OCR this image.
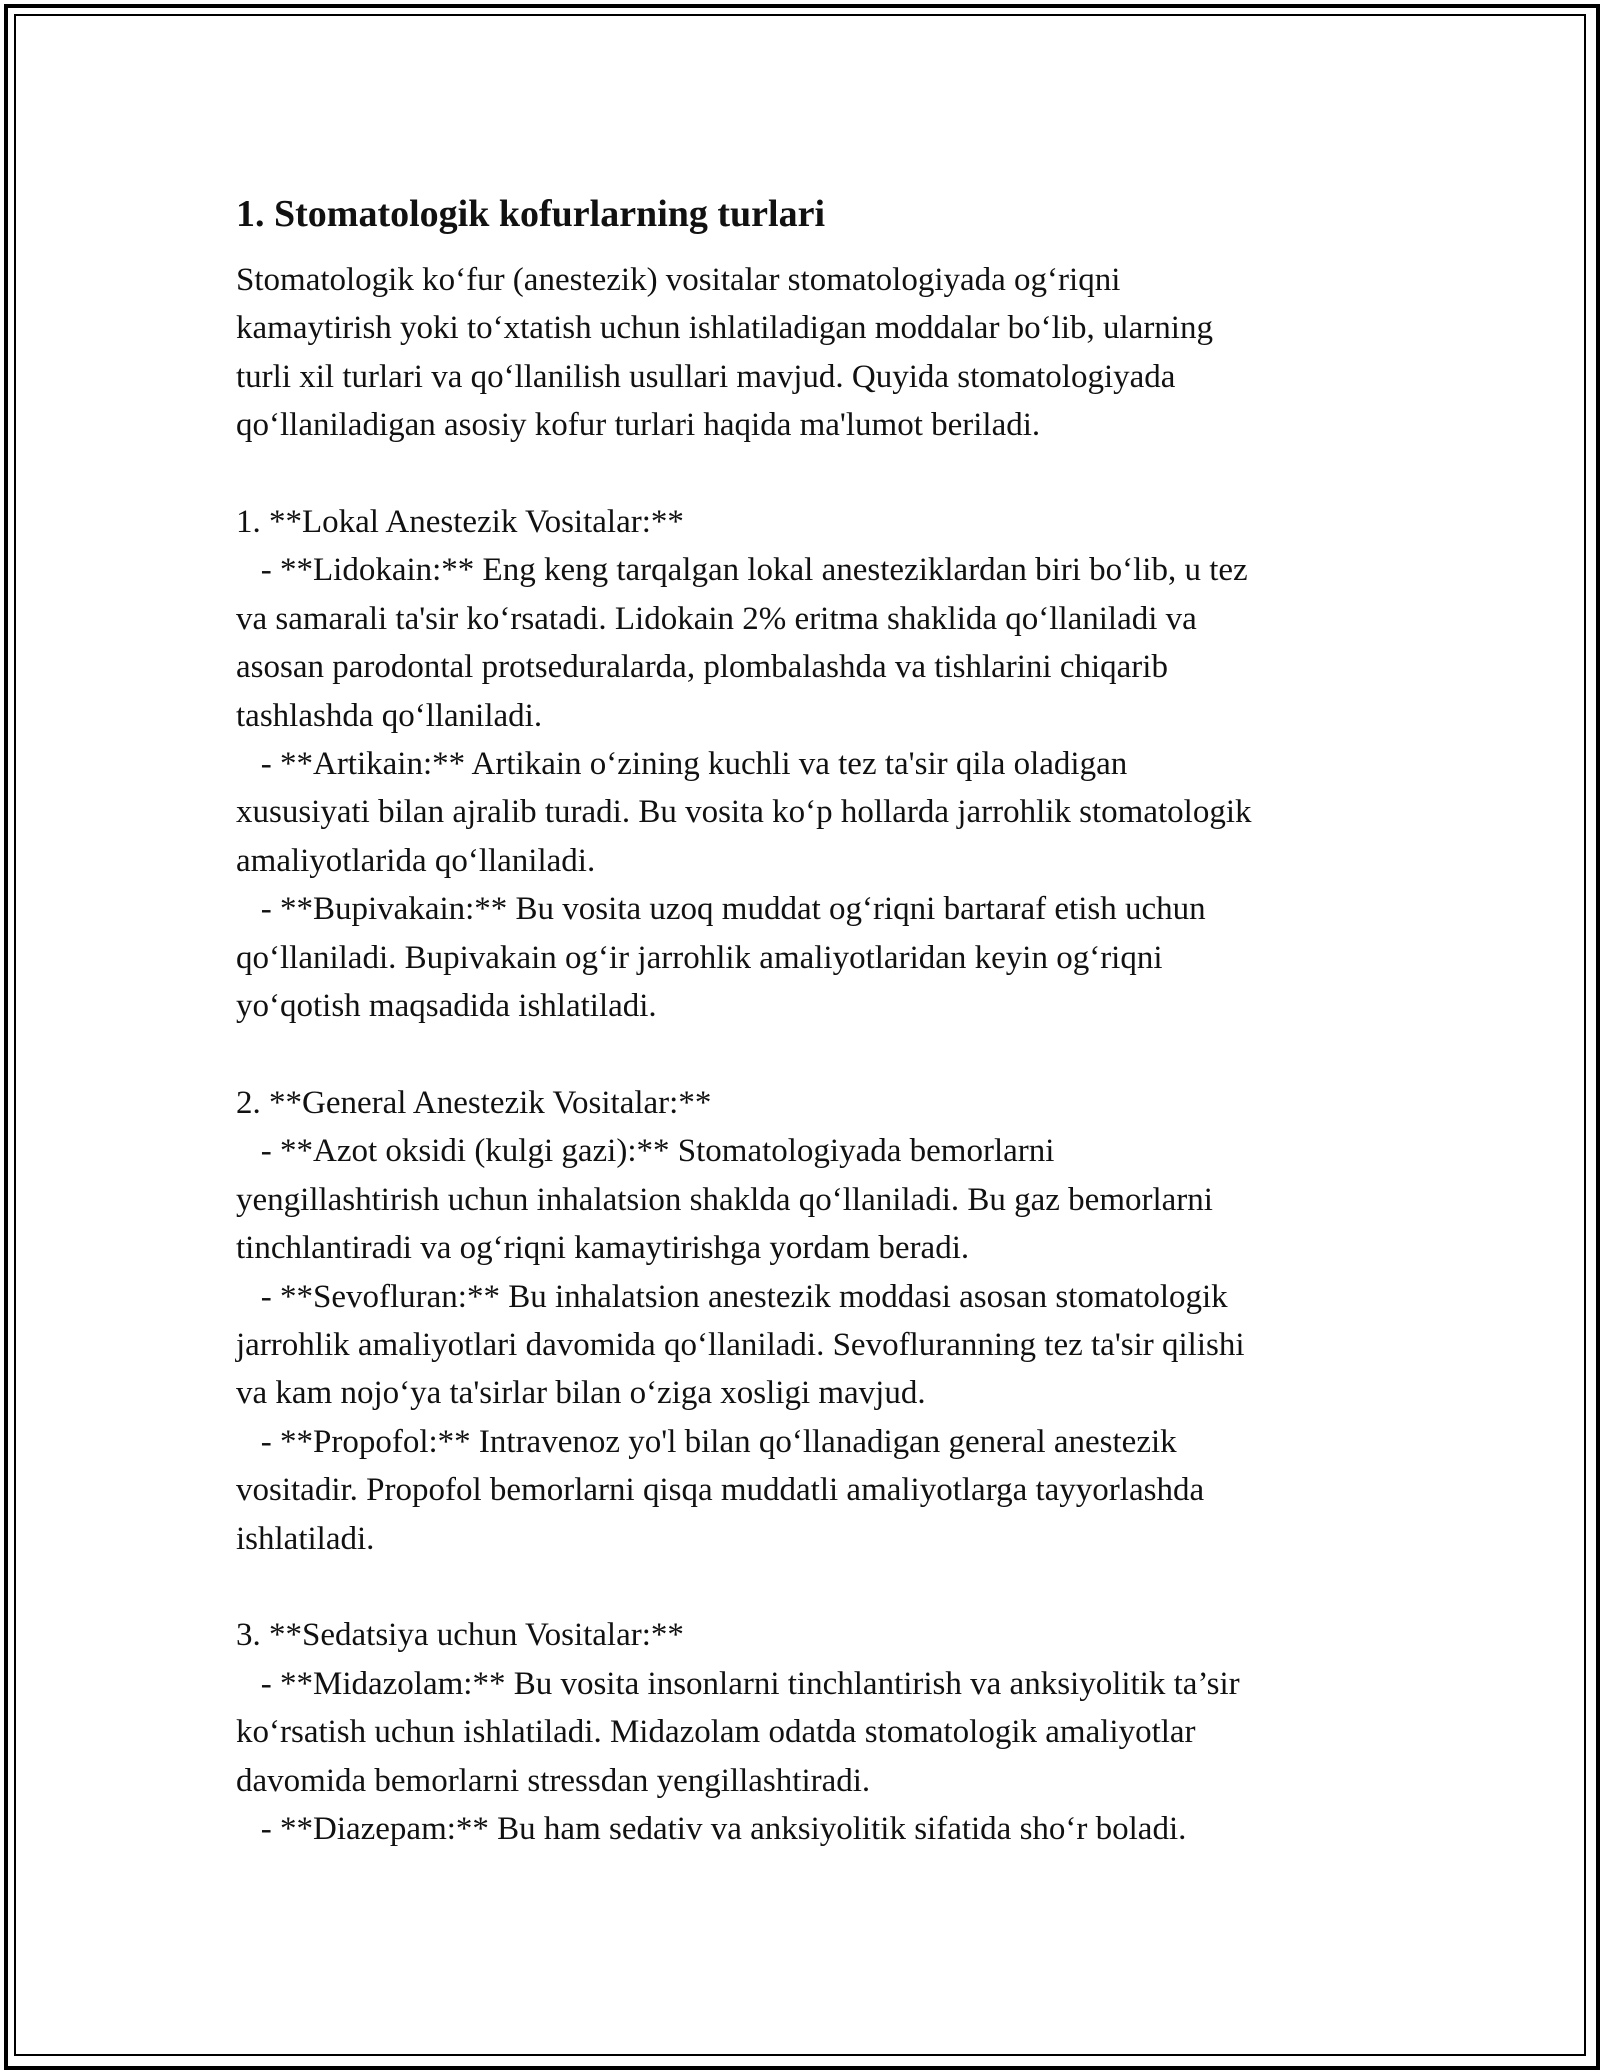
1. Stomatologik kofurlarning turlari

Stomatologik ko‘fur (anestezik) vositalar stomatologiyada og‘riqni
kamaytirish yoki to‘xtatish uchun ishlatiladigan moddalar bo‘lib, ularning
turli xil turlari va qo‘llanilish usullari mavjud. Quyida stomatologiyada
qo‘llaniladigan asosiy kofur turlari haqida ma'lumot beriladi.

1. **Lokal Anestezik Vositalar:**
- **Lidokain:** Eng keng tarqalgan lokal anesteziklardan biri bo‘lib, u tez
va samarali ta'sir ko‘rsatadi. Lidokain 2% eritma shaklida qo‘llaniladi va
asosan parodontal protseduralarda, plombalashda va tishlarini chiqarib
tashlashda qo‘llaniladi.
- **Artikain:** Artikain o‘zining kuchli va tez ta'sir qila oladigan
xususiyati bilan ajralib turadi. Bu vosita ko‘p hollarda jarrohlik stomatologik
amaliyotlarida qo‘llaniladi.
- **Bupivakain:** Bu vosita uzoq muddat og‘riqni bartaraf etish uchun
qo‘llaniladi. Bupivakain og‘ir jarrohlik amaliyotlaridan keyin og‘riqni
yo‘qotish maqsadida ishlatiladi.

2. **General Anestezik Vositalar:**
- **Azot oksidi (kulgi gazi):** Stomatologiyada bemorlarni
yengillashtirish uchun inhalatsion shaklda qo‘llaniladi. Bu gaz bemorlarni
tinchlantiradi va og‘riqni kamaytirishga yordam beradi.
- **Sevofluran:** Bu inhalatsion anestezik moddasi asosan stomatologik
jarrohlik amaliyotlari davomida qo‘llaniladi. Sevofluranning tez ta'sir qilishi
va kam nojo‘ya ta'sirlar bilan o‘ziga xosligi mavjud.
- **Propofol:** Intravenoz yo'l bilan qo‘llanadigan general anestezik
vositadir. Propofol bemorlarni qisqa muddatli amaliyotlarga tayyorlashda
ishlatiladi.

3. **Sedatsiya uchun Vositalar:**
- **Midazolam:** Bu vosita insonlarni tinchlantirish va anksiyolitik ta’sir
ko‘rsatish uchun ishlatiladi. Midazolam odatda stomatologik amaliyotlar
davomida bemorlarni stressdan yengillashtiradi.
- **Diazepam:** Bu ham sedativ va anksiyolitik sifatida sho‘r boladi.
